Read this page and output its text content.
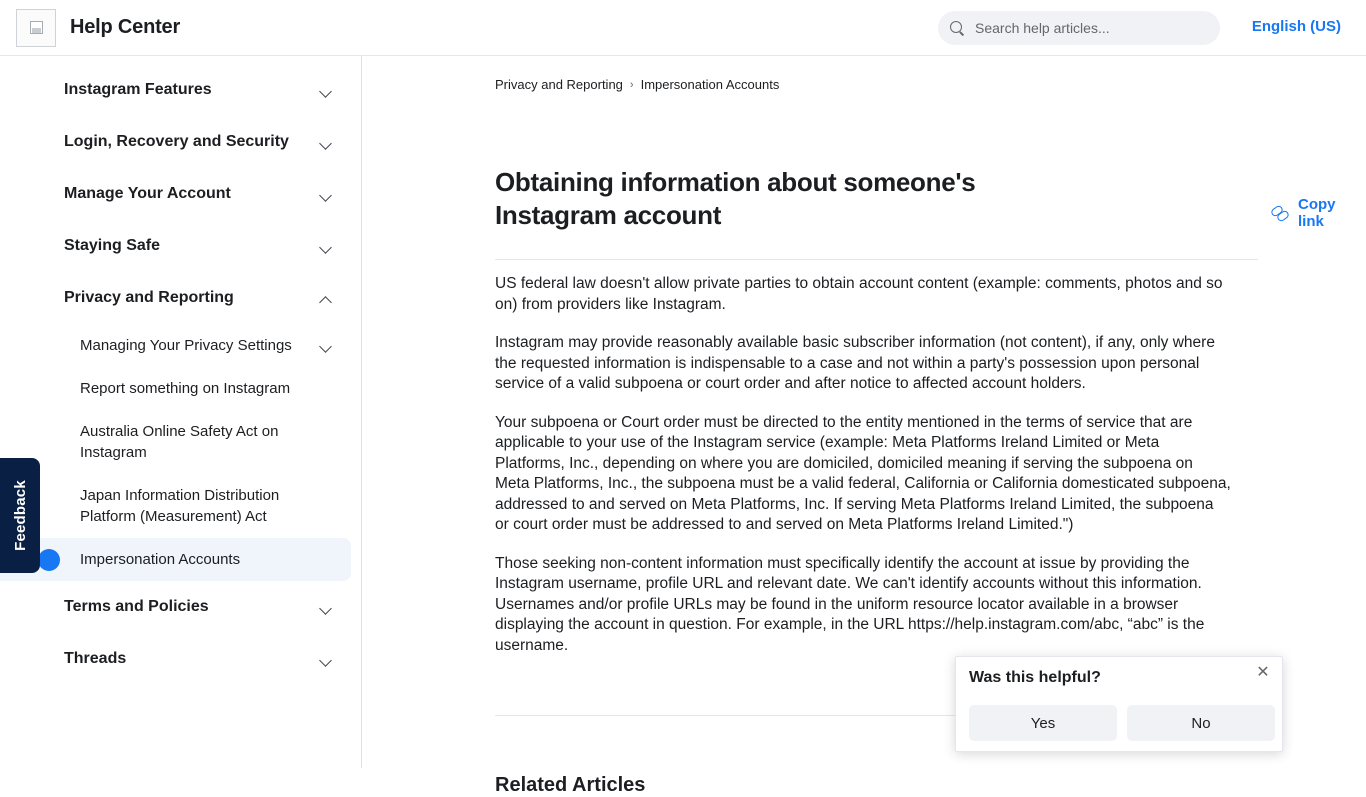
Help Center
Search help articles...	English (US)
Instagram Features
Login, Recovery and Security
Manage Your Account
Staying Safe
Privacy and Reporting
Managing Your Privacy Settings
Report something on Instagram
Australia Online Safety Act on Instagram
Japan Information Distribution Platform (Measurement) Act
Impersonation Accounts
Terms and Policies
Threads
Feedback
Privacy and Reporting › Impersonation Accounts
Obtaining information about someone's Instagram account	Copy link

US federal law doesn't allow private parties to obtain account content (example: comments, photos and so on) from providers like Instagram.

Instagram may provide reasonably available basic subscriber information (not content), if any, only where the requested information is indispensable to a case and not within a party's possession upon personal service of a valid subpoena or court order and after notice to affected account holders.

Your subpoena or Court order must be directed to the entity mentioned in the terms of service that are applicable to your use of the Instagram service (example: Meta Platforms Ireland Limited or Meta Platforms, Inc., depending on where you are domiciled, domiciled meaning if serving the subpoena on Meta Platforms, Inc., the subpoena must be a valid federal, California or California domesticated subpoena, addressed to and served on Meta Platforms, Inc. If serving Meta Platforms Ireland Limited, the subpoena or court order must be addressed to and served on Meta Platforms Ireland Limited.")

Those seeking non-content information must specifically identify the account at issue by providing the Instagram username, profile URL and relevant date. We can't identify accounts without this information. Usernames and/or profile URLs may be found in the uniform resource locator available in a browser displaying the account in question. For example, in the URL https://help.instagram.com/abc, “abc” is the username.

Related Articles
Was this helpful?	✕
Yes	No
